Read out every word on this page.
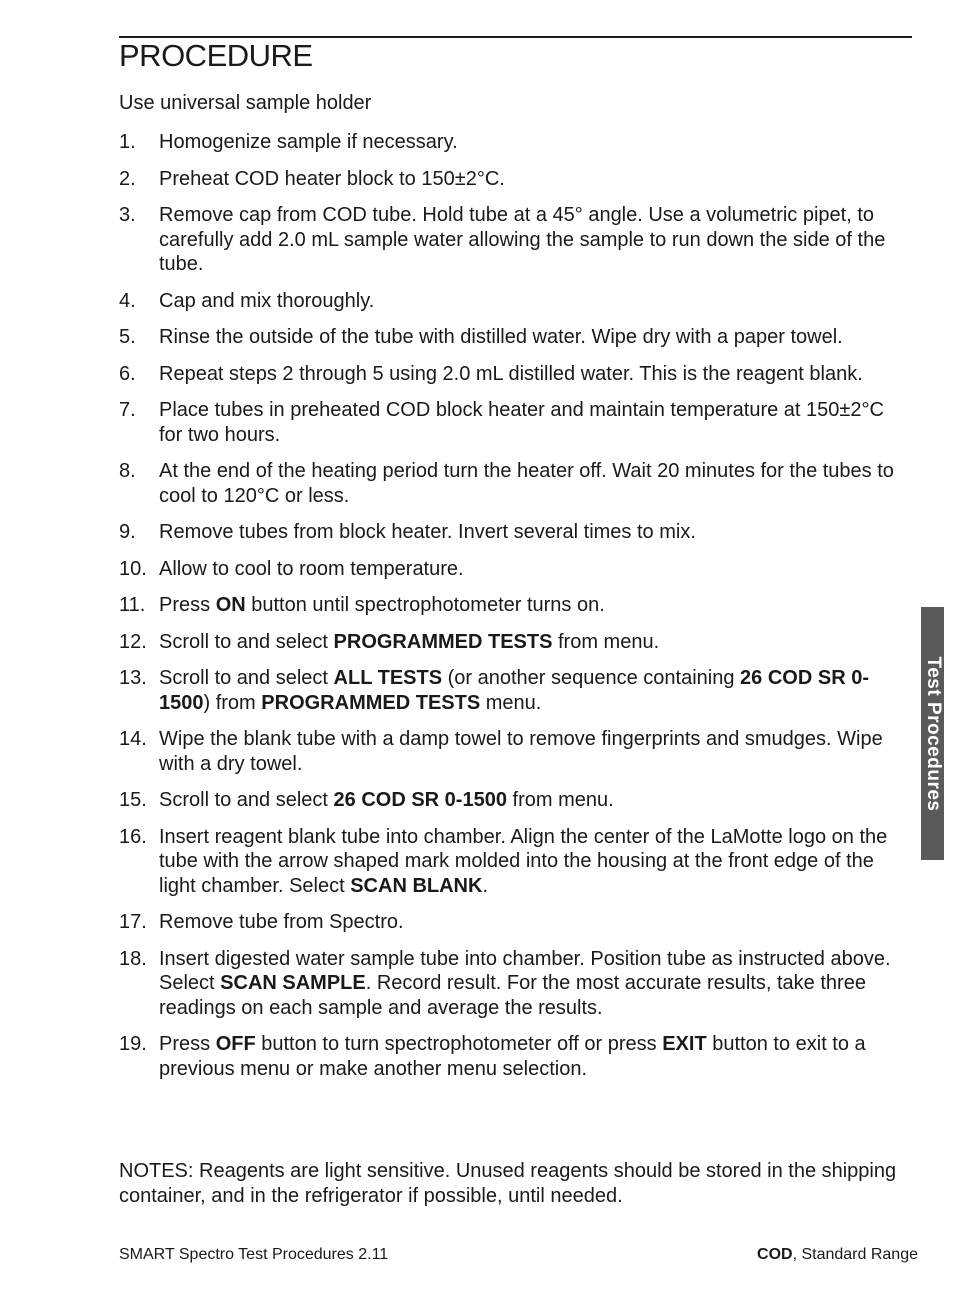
PROCEDURE

Use universal sample holder

1. Homogenize sample if necessary.
2. Preheat COD heater block to 150±2°C.
3. Remove cap from COD tube. Hold tube at a 45° angle. Use a volumetric pipet, to carefully add 2.0 mL sample water allowing the sample to run down the side of the tube.
4. Cap and mix thoroughly.
5. Rinse the outside of the tube with distilled water. Wipe dry with a paper towel.
6. Repeat steps 2 through 5 using 2.0 mL distilled water. This is the reagent blank.
7. Place tubes in preheated COD block heater and maintain temperature at 150±2°C for two hours.
8. At the end of the heating period turn the heater off. Wait 20 minutes for the tubes to cool to 120°C or less.
9. Remove tubes from block heater. Invert several times to mix.
10. Allow to cool to room temperature.
11. Press ON button until spectrophotometer turns on.
12. Scroll to and select PROGRAMMED TESTS from menu.
13. Scroll to and select ALL TESTS (or another sequence containing 26 COD SR 0-1500) from PROGRAMMED TESTS menu.
14. Wipe the blank tube with a damp towel to remove fingerprints and smudges. Wipe with a dry towel.
15. Scroll to and select 26 COD SR 0-1500 from menu.
16. Insert reagent blank tube into chamber. Align the center of the LaMotte logo on the tube with the arrow shaped mark molded into the housing at the front edge of the light chamber. Select SCAN BLANK.
17. Remove tube from Spectro.
18. Insert digested water sample tube into chamber. Position tube as instructed above. Select SCAN SAMPLE. Record result. For the most accurate results, take three readings on each sample and average the results.
19. Press OFF button to turn spectrophotometer off or press EXIT button to exit to a previous menu or make another menu selection.

NOTES: Reagents are light sensitive. Unused reagents should be stored in the shipping container, and in the refrigerator if possible, until needed.

SMART Spectro Test Procedures 2.11	COD, Standard Range
Test Procedures
